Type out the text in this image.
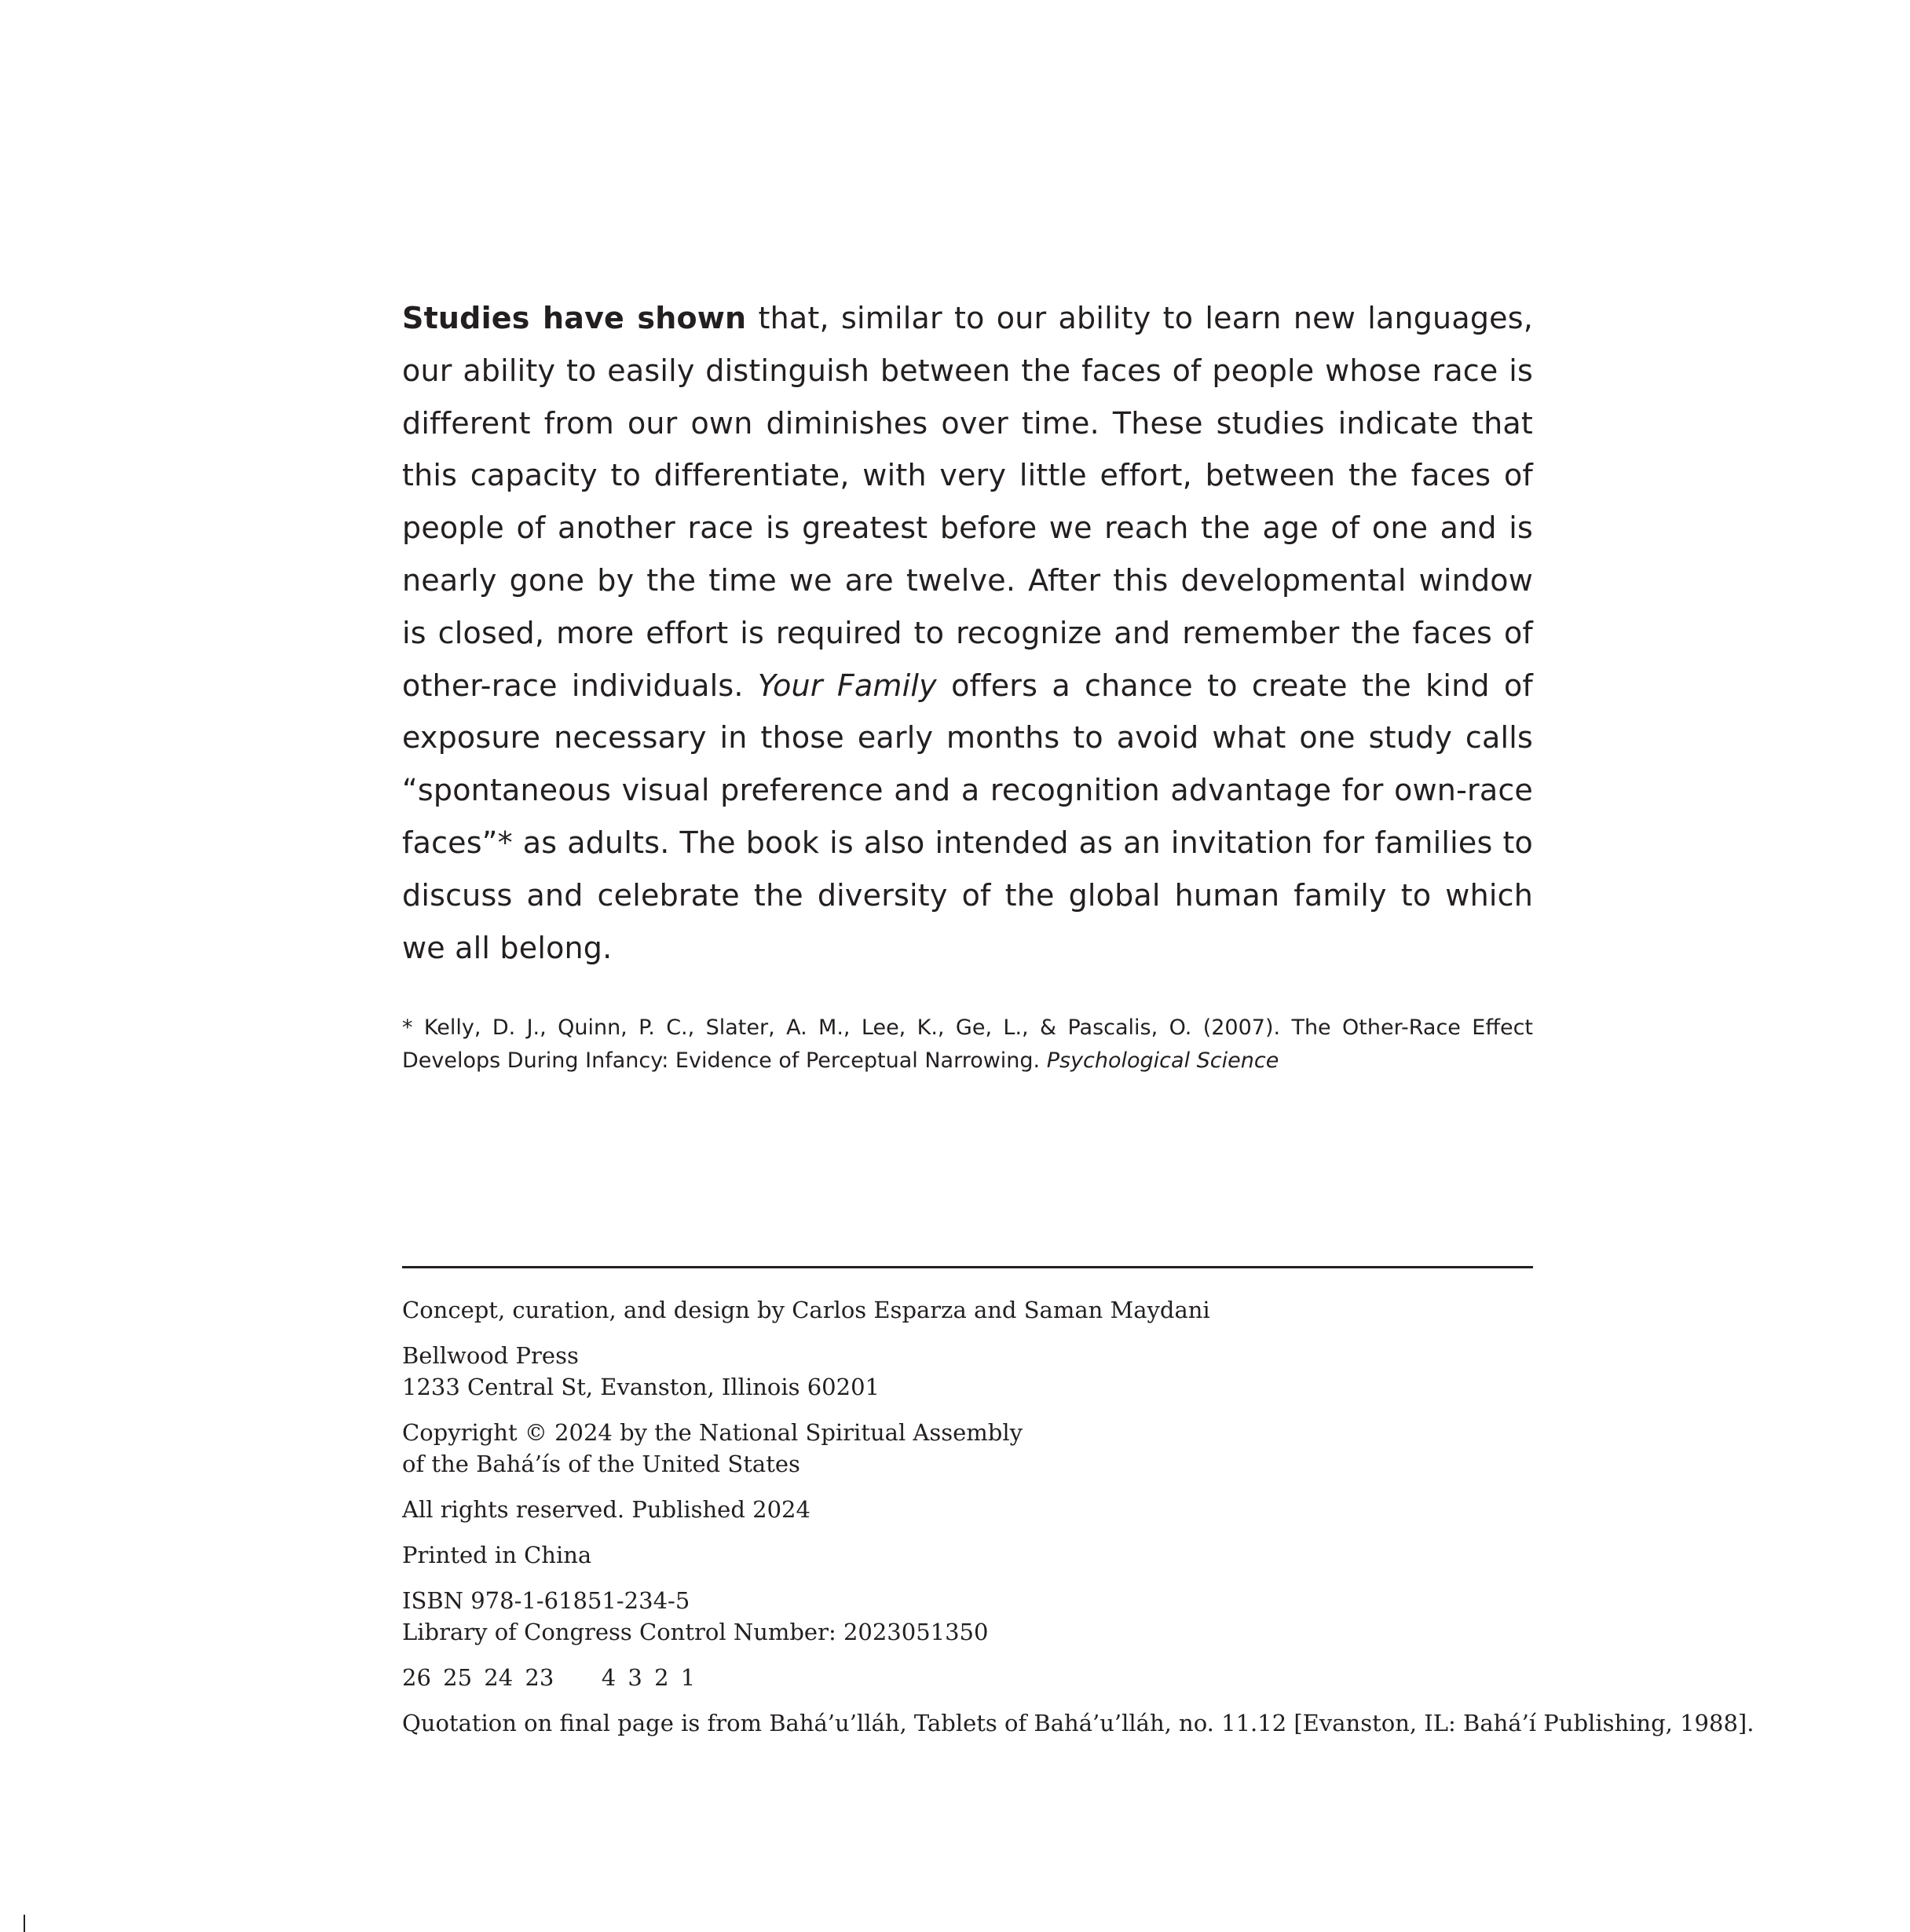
Studies have shown that, similar to our ability to learn new languages, our ability to easily distinguish between the faces of people whose race is different from our own diminishes over time. These studies indicate that this capacity to differentiate, with very little effort, between the faces of people of another race is greatest before we reach the age of one and is nearly gone by the time we are twelve. After this developmental window is closed, more effort is required to recognize and remember the faces of other-race individuals. Your Family offers a chance to create the kind of exposure necessary in those early months to avoid what one study calls “spontaneous visual preference and a recognition advantage for own-race faces”* as adults. The book is also intended as an invitation for families to discuss and celebrate the diversity of the global human family to which we all belong.

* Kelly, D. J., Quinn, P. C., Slater, A. M., Lee, K., Ge, L., & Pascalis, O. (2007). The Other-Race Effect Develops During Infancy: Evidence of Perceptual Narrowing. Psychological Science

Concept, curation, and design by Carlos Esparza and Saman Maydani

Bellwood Press
1233 Central St, Evanston, Illinois 60201

Copyright © 2024 by the National Spiritual Assembly
of the Bahá’ís of the United States

All rights reserved. Published 2024

Printed in China

ISBN 978-1-61851-234-5
Library of Congress Control Number: 2023051350

26 25 24 23 4 3 2 1

Quotation on final page is from Bahá’u’lláh, Tablets of Bahá’u’lláh, no. 11.12 [Evanston, IL: Bahá’í Publishing, 1988].
